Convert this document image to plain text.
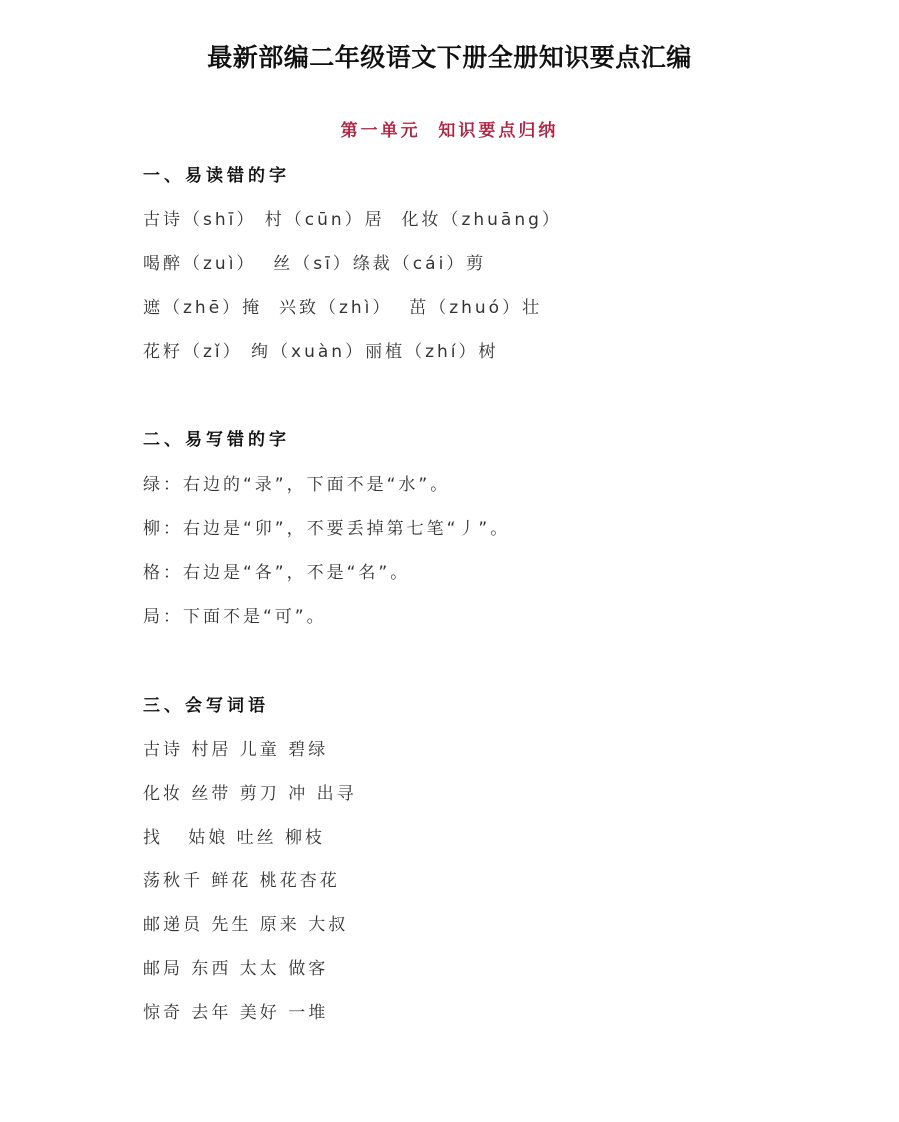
最新部编二年级语文下册全册知识要点汇编
第一单元  知识要点归纳
一、易读错的字
古诗（shī） 村（cūn）居  化妆（zhuāng）
喝醉（zuì）  丝（sī）绦裁（cái）剪
遮（zhē）掩  兴致（zhì）  茁（zhuó）壮
花籽（zǐ） 绚（xuàn）丽植（zhí）树
二、易写错的字
绿：右边的“录”，下面不是“水”。
柳：右边是“卯”，不要丢掉第七笔“丿”。
格：右边是“各”，不是“名”。
局：下面不是“可”。
三、会写词语
古诗 村居 儿童 碧绿
化妆 丝带 剪刀 冲 出寻
找   姑娘 吐丝 柳枝
荡秋千 鲜花 桃花杏花
邮递员 先生 原来 大叔
邮局 东西 太太 做客
惊奇 去年 美好 一堆
